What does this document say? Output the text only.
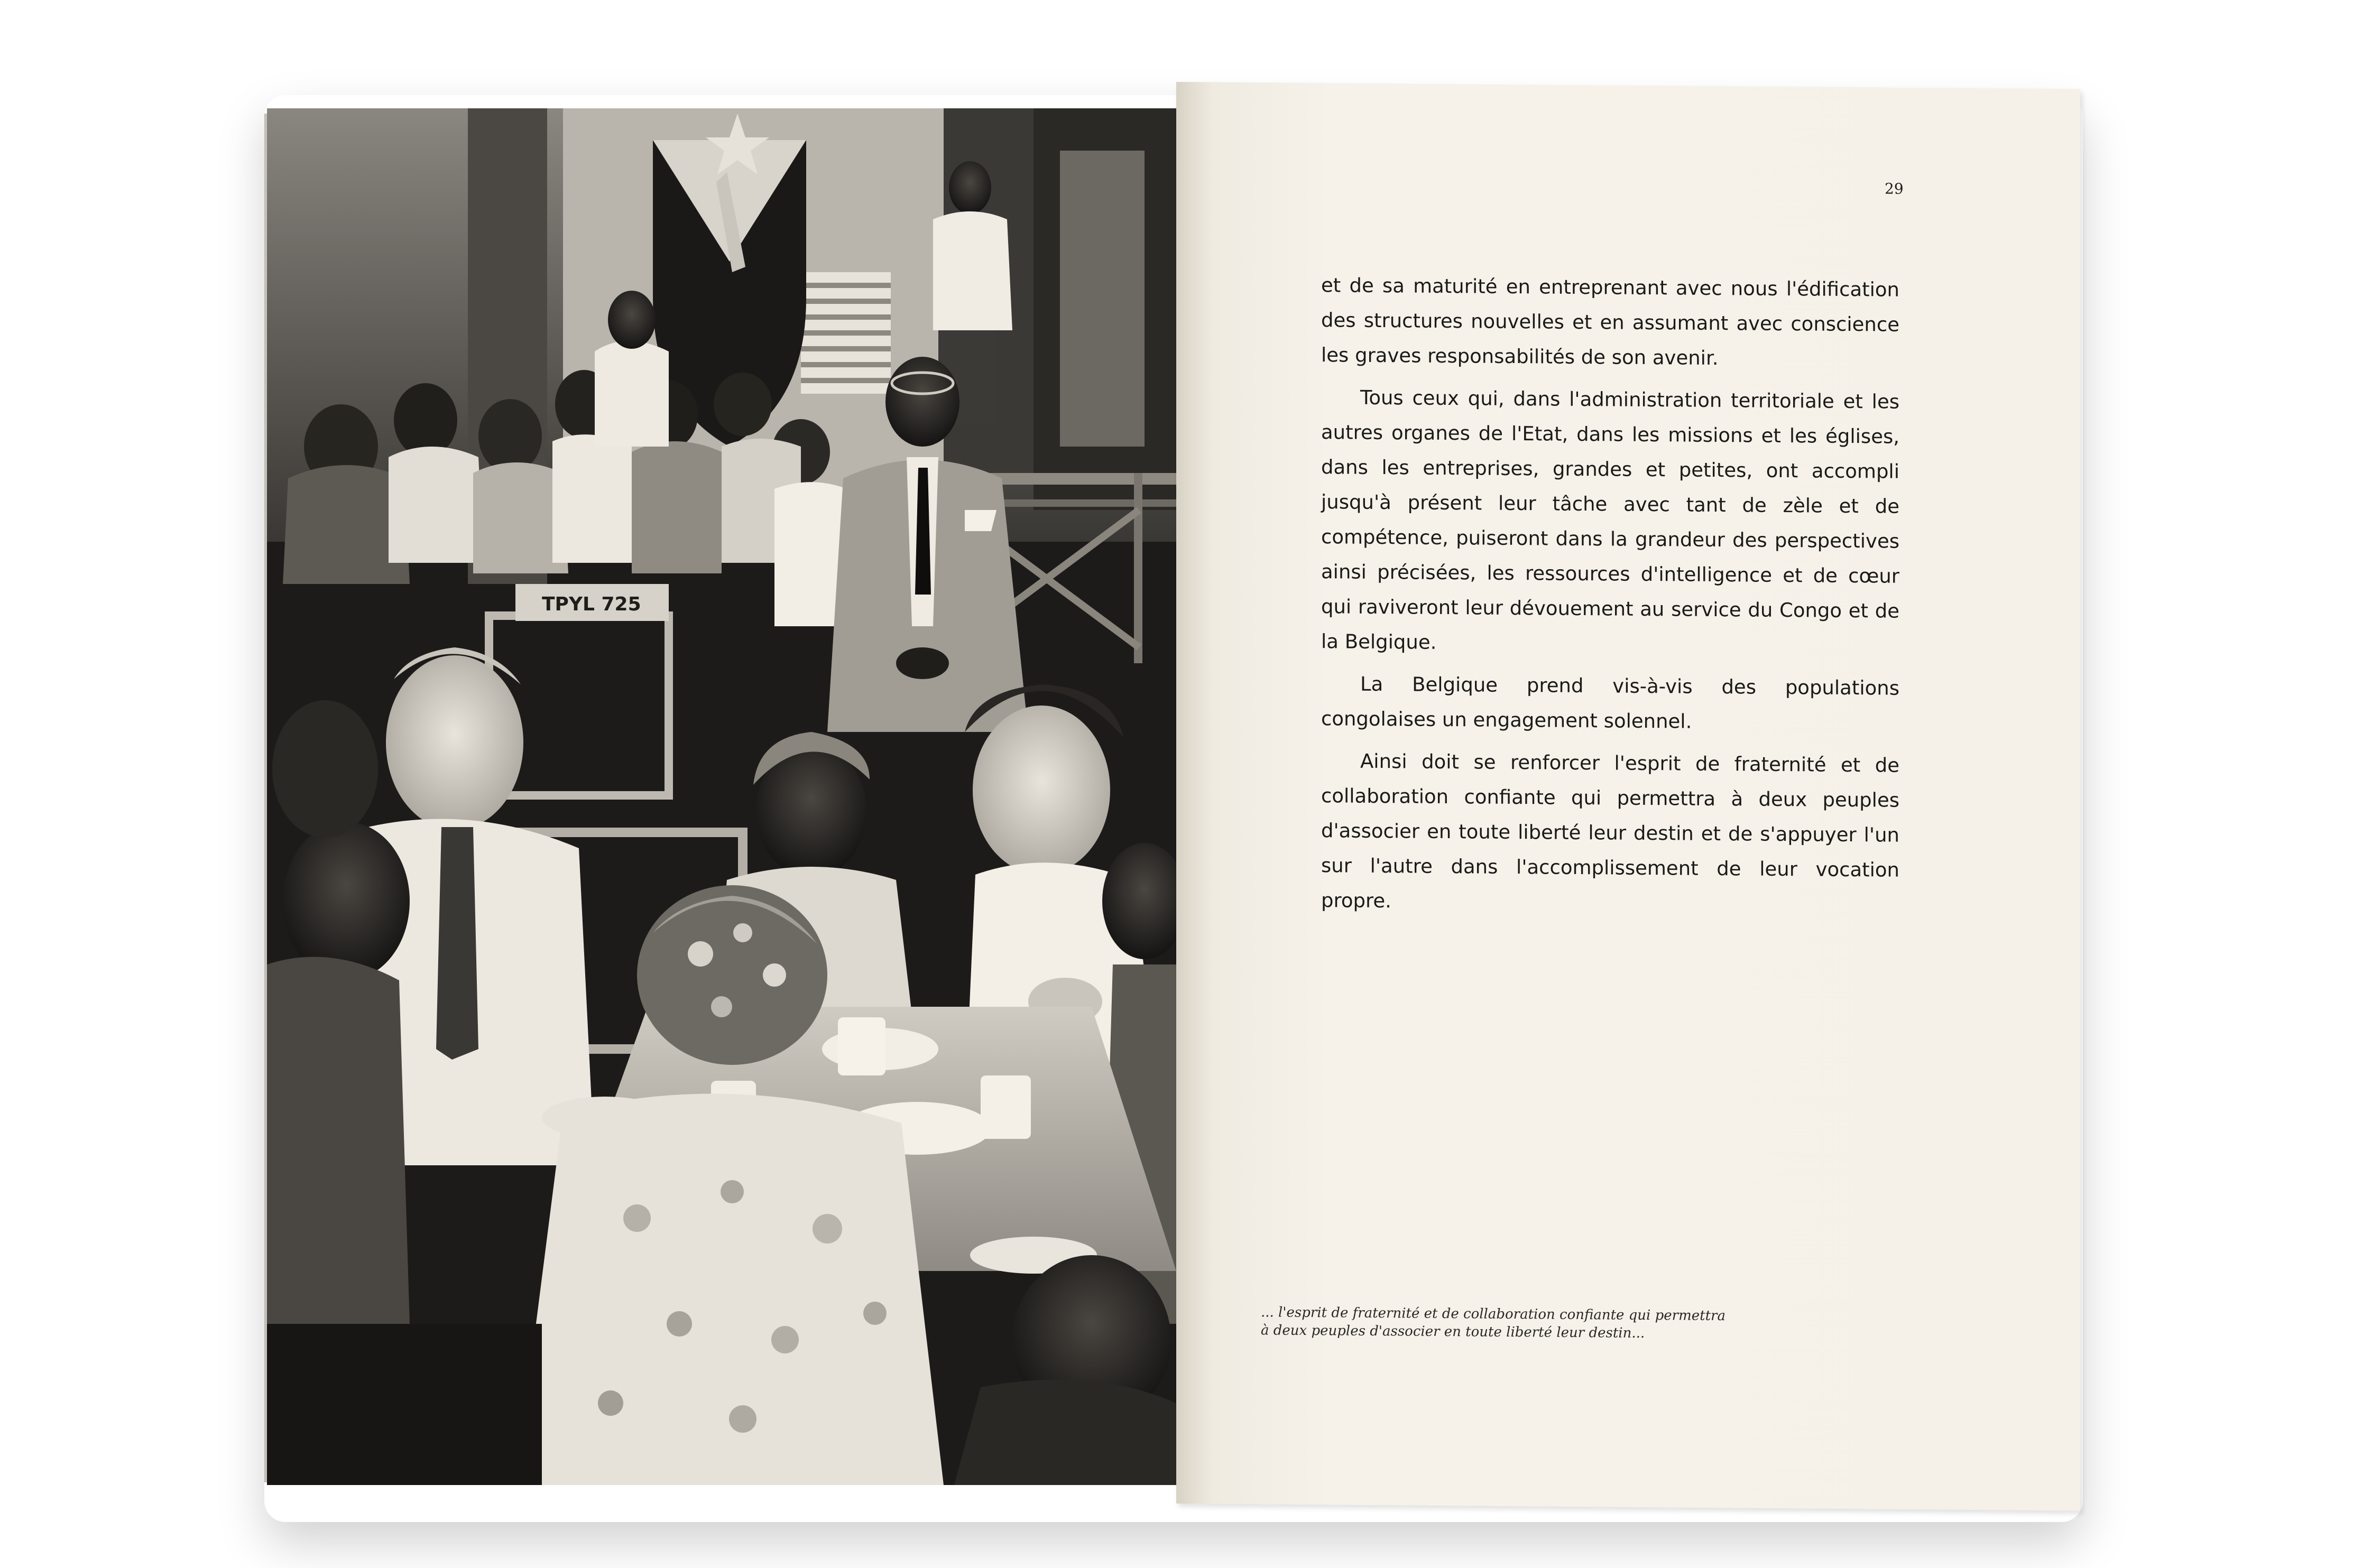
TPYL 725
29

et de sa maturité en entreprenant avec nous l'édification des structures nouvelles et en assumant avec conscience les graves responsabilités de son avenir.

Tous ceux qui, dans l'administration territoriale et les autres organes de l'Etat, dans les missions et les églises, dans les entreprises, grandes et petites, ont accompli jusqu'à présent leur tâche avec tant de zèle et de compétence, puiseront dans la grandeur des perspectives ainsi précisées, les ressources d'intelligence et de cœur qui raviveront leur dévouement au service du Congo et de la Belgique.

La Belgique prend vis-à-vis des populations congolaises un engagement solennel.

Ainsi doit se renforcer l'esprit de fraternité et de collaboration confiante qui permettra à deux peuples d'associer en toute liberté leur destin et de s'appuyer l'un sur l'autre dans l'accomplissement de leur vocation propre.

... l'esprit de fraternité et de collaboration confiante qui permettra
à deux peuples d'associer en toute liberté leur destin...
